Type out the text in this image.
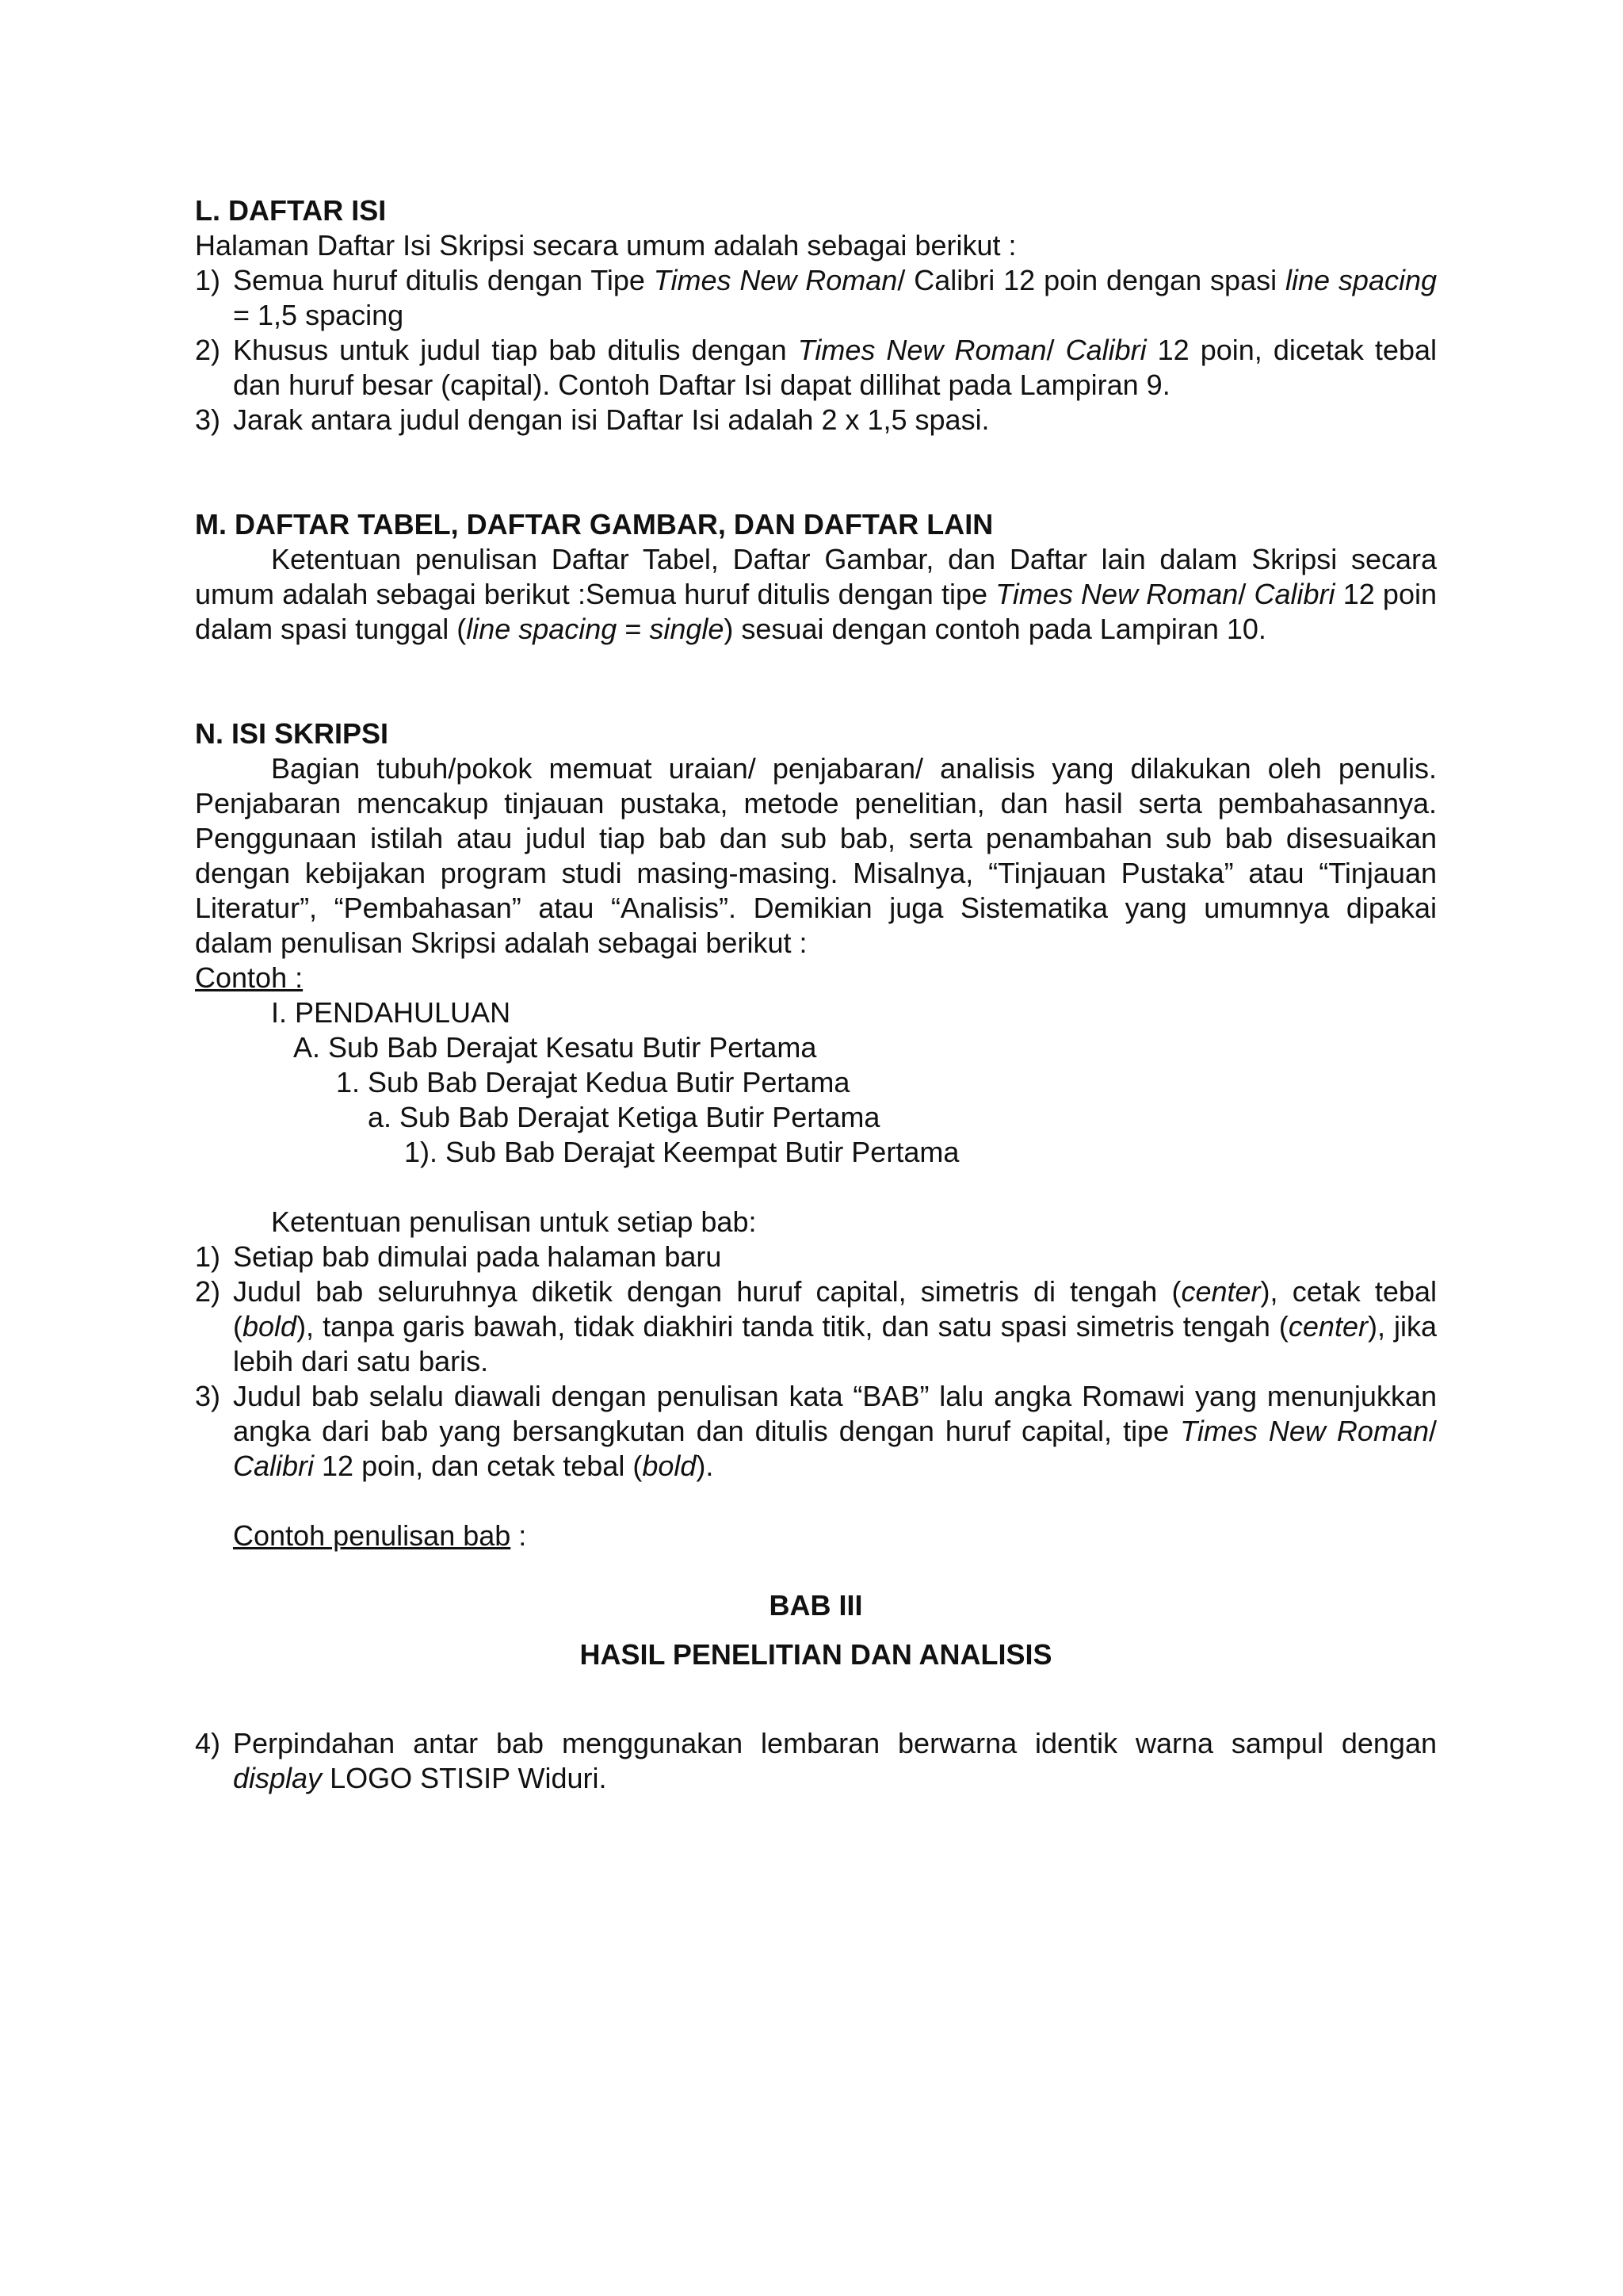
L. DAFTAR ISI

Halaman Daftar Isi Skripsi secara umum adalah sebagai berikut :

1) Semua huruf ditulis dengan Tipe Times New Roman/ Calibri 12 poin dengan spasi line spacing = 1,5 spacing
2) Khusus untuk judul tiap bab ditulis dengan Times New Roman/ Calibri 12 poin, dicetak tebal dan huruf besar (capital). Contoh Daftar Isi dapat dillihat pada Lampiran 9.
3) Jarak antara judul dengan isi Daftar Isi adalah 2 x 1,5 spasi.
M. DAFTAR TABEL, DAFTAR GAMBAR, DAN DAFTAR LAIN

Ketentuan penulisan Daftar Tabel, Daftar Gambar, dan Daftar lain dalam Skripsi secara umum adalah sebagai berikut :Semua huruf ditulis dengan tipe Times New Roman/ Calibri 12 poin dalam spasi tunggal (line spacing = single) sesuai dengan contoh pada Lampiran 10.

N. ISI SKRIPSI

Bagian tubuh/pokok memuat uraian/ penjabaran/ analisis yang dilakukan oleh penulis. Penjabaran mencakup tinjauan pustaka, metode penelitian, dan hasil serta pembahasannya. Penggunaan istilah atau judul tiap bab dan sub bab, serta penambahan sub bab disesuaikan dengan kebijakan program studi masing-masing. Misalnya, “Tinjauan Pustaka” atau “Tinjauan Literatur”, “Pembahasan” atau “Analisis”. Demikian juga Sistematika yang umumnya dipakai dalam penulisan Skripsi adalah sebagai berikut :

Contoh :

I. PENDAHULUAN
A. Sub Bab Derajat Kesatu Butir Pertama
1. Sub Bab Derajat Kedua Butir Pertama
a. Sub Bab Derajat Ketiga Butir Pertama
1). Sub Bab Derajat Keempat Butir Pertama

Ketentuan penulisan untuk setiap bab:

1) Setiap bab dimulai pada halaman baru
2) Judul bab seluruhnya diketik dengan huruf capital, simetris di tengah (center), cetak tebal (bold), tanpa garis bawah, tidak diakhiri tanda titik, dan satu spasi simetris tengah (center), jika lebih dari satu baris.
3) Judul bab selalu diawali dengan penulisan kata “BAB” lalu angka Romawi yang menunjukkan angka dari bab yang bersangkutan dan ditulis dengan huruf capital, tipe Times New Roman/ Calibri 12 poin, dan cetak tebal (bold).

Contoh penulisan bab :

BAB III

HASIL PENELITIAN DAN ANALISIS

4) Perpindahan antar bab menggunakan lembaran berwarna identik warna sampul dengan display LOGO STISIP Widuri.
